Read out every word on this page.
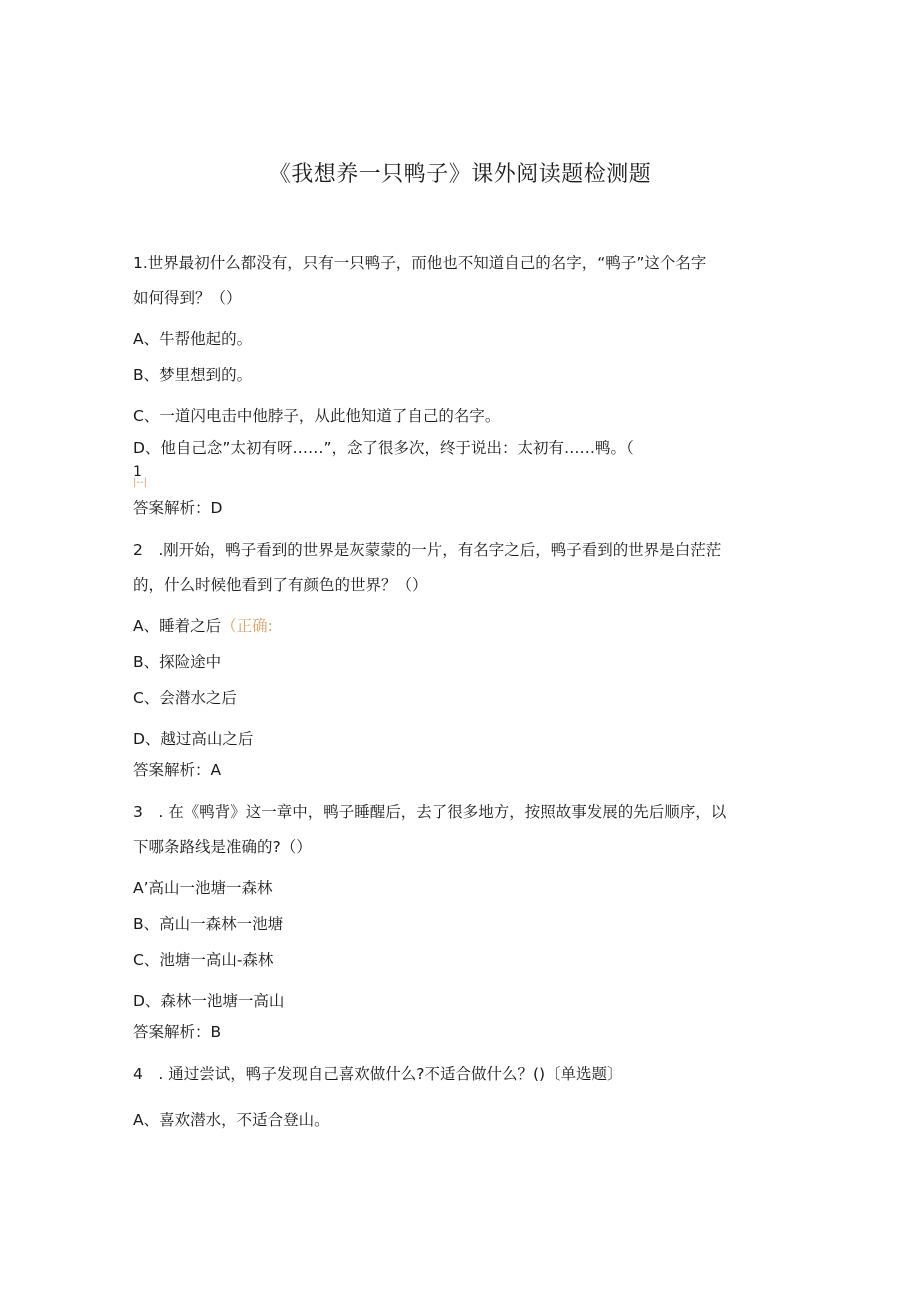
《我想养一只鸭子》课外阅读题检测题
1.世界最初什么都没有，只有一只鸭子，而他也不知道自己的名字，“鸭子”这个名字
如何得到？（）
A、牛帮他起的。
B、梦里想到的。
C、一道闪电击中他脖子，从此他知道了自己的名字。
D、他自己念”太初有呀……”，念了很多次，终于说出：太初有……鸭。（
1
|--|
答案解析：D
2　.刚开始，鸭子看到的世界是灰蒙蒙的一片，有名字之后，鸭子看到的世界是白茫茫
的，什么时候他看到了有颜色的世界？（）
A、睡着之后（正确:
B、探险途中
C、会潜水之后
D、越过高山之后
答案解析：A
3　. 在《鸭背》这一章中，鸭子睡醒后，去了很多地方，按照故事发展的先后顺序，以
下哪条路线是准确的?（）
A’高山一池塘一森林
B、高山一森林一池塘
C、池塘一高山-森林
D、森林一池塘一高山
答案解析：B
4　. 通过尝试，鸭子发现自己喜欢做什么?不适合做什么？()〔单选题〕
A、喜欢潜水，不适合登山。
